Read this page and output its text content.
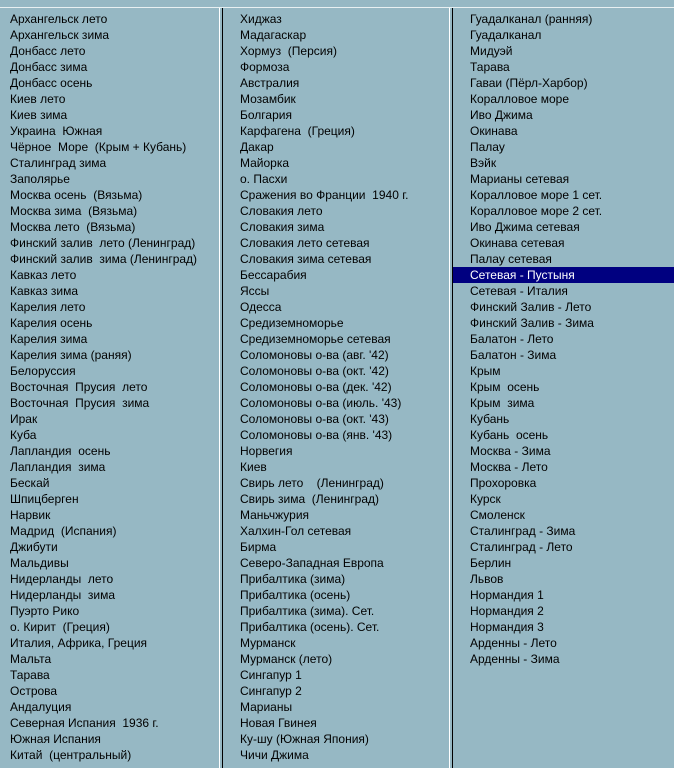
Архангельск лето
Архангельск зима
Донбасс лето
Донбасс зима
Донбасс осень
Киев лето
Киев зима
Украина  Южная
Чёрное  Море  (Крым + Кубань)
Сталинград зима
Заполярье
Москва осень  (Вязьма)
Москва зима  (Вязьма)
Москва лето  (Вязьма)
Финский залив  лето (Ленинград)
Финский залив  зима (Ленинград)
Кавказ лето
Кавказ зима
Карелия лето
Карелия осень
Карелия зима
Карелия зима (раняя)
Белоруссия
Восточная  Прусия  лето
Восточная  Прусия  зима
Ирак
Куба
Лапландия  осень
Лапландия  зима
Бескай
Шпицберген
Нарвик
Мадрид  (Испания)
Джибути
Мальдивы
Нидерланды  лето
Нидерланды  зима
Пуэрто Рико
о. Кирит  (Греция)
Италия, Африка, Греция
Мальта
Тарава
Острова
Андалуция
Северная Испания  1936 г.
Южная Испания
Китай  (центральный)
Хиджаз
Мадагаскар
Хормуз  (Персия)
Формоза
Австралия
Мозамбик
Болгария
Карфагена  (Греция)
Дакар
Майорка
о. Пасхи
Сражения во Франции  1940 г.
Словакия лето
Словакия зима
Словакия лето сетевая
Словакия зима сетевая
Бессарабия
Яссы
Одесса
Средиземноморье
Средиземноморье сетевая
Соломоновы о-ва (авг. '42)
Соломоновы о-ва (окт. '42)
Соломоновы о-ва (дек. '42)
Соломоновы о-ва (июль. '43)
Соломоновы о-ва (окт. '43)
Соломоновы о-ва (янв. '43)
Норвегия
Киев
Свирь лето    (Ленинград)
Свирь зима  (Ленинград)
Маньчжурия
Халхин-Гол сетевая
Бирма
Северо-Западная Европа
Прибалтика (зима)
Прибалтика (осень)
Прибалтика (зима). Сет.
Прибалтика (осень). Сет.
Мурманск
Мурманск (лето)
Сингапур 1
Сингапур 2
Марианы
Новая Гвинея
Ку-шу (Южная Япония)
Чичи Джима
Гуадалканал (ранняя)
Гуадалканал
Мидуэй
Тарава
Гаваи (Пёрл-Харбор)
Коралловое море
Иво Джима
Окинава
Палау
Вэйк
Марианы сетевая
Коралловое море 1 сет.
Коралловое море 2 сет.
Иво Джима сетевая
Окинава сетевая
Палау сетевая
Сетевая - Пустыня
Сетевая - Италия
Финский Залив - Лето
Финский Залив - Зима
Балатон - Лето
Балатон - Зима
Крым
Крым  осень
Крым  зима
Кубань
Кубань  осень
Москва - Зима
Москва - Лето
Прохоровка
Курск
Смоленск
Сталинград - Зима
Сталинград - Лето
Берлин
Львов
Нормандия 1
Нормандия 2
Нормандия 3
Арденны - Лето
Арденны - Зима
